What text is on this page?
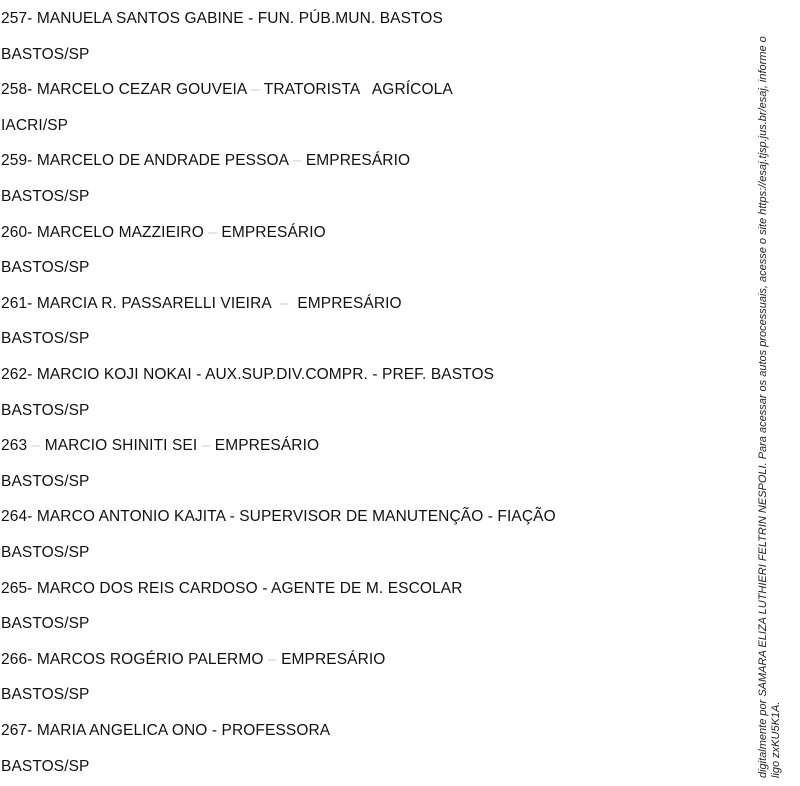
257- MANUELA SANTOS GABINE - FUN. PÚB.MUN. BASTOS
BASTOS/SP
258- MARCELO CEZAR GOUVEIA – TRATORISTA   AGRÍCOLA
IACRI/SP
259- MARCELO DE ANDRADE PESSOA – EMPRESÁRIO
BASTOS/SP
260- MARCELO MAZZIEIRO – EMPRESÁRIO
BASTOS/SP
261- MARCIA R. PASSARELLI VIEIRA  –  EMPRESÁRIO
BASTOS/SP
262- MARCIO KOJI NOKAI - AUX.SUP.DIV.COMPR. - PREF. BASTOS
BASTOS/SP
263 – MARCIO SHINITI SEI – EMPRESÁRIO
BASTOS/SP
264- MARCO ANTONIO KAJITA - SUPERVISOR DE MANUTENÇÃO - FIAÇÃO
BASTOS/SP
265- MARCO DOS REIS CARDOSO - AGENTE DE M. ESCOLAR
BASTOS/SP
266- MARCOS ROGÉRIO PALERMO – EMPRESÁRIO
BASTOS/SP
267- MARIA ANGELICA ONO - PROFESSORA
BASTOS/SP	digitalmente por SAMARA ELIZA LUTHIERI FELTRIN NESPOLI. Para acessar os autos processuais, acesse o site https://esaj.tjsp.jus.br/esaj, informe o ligo zxKU5K1A.
